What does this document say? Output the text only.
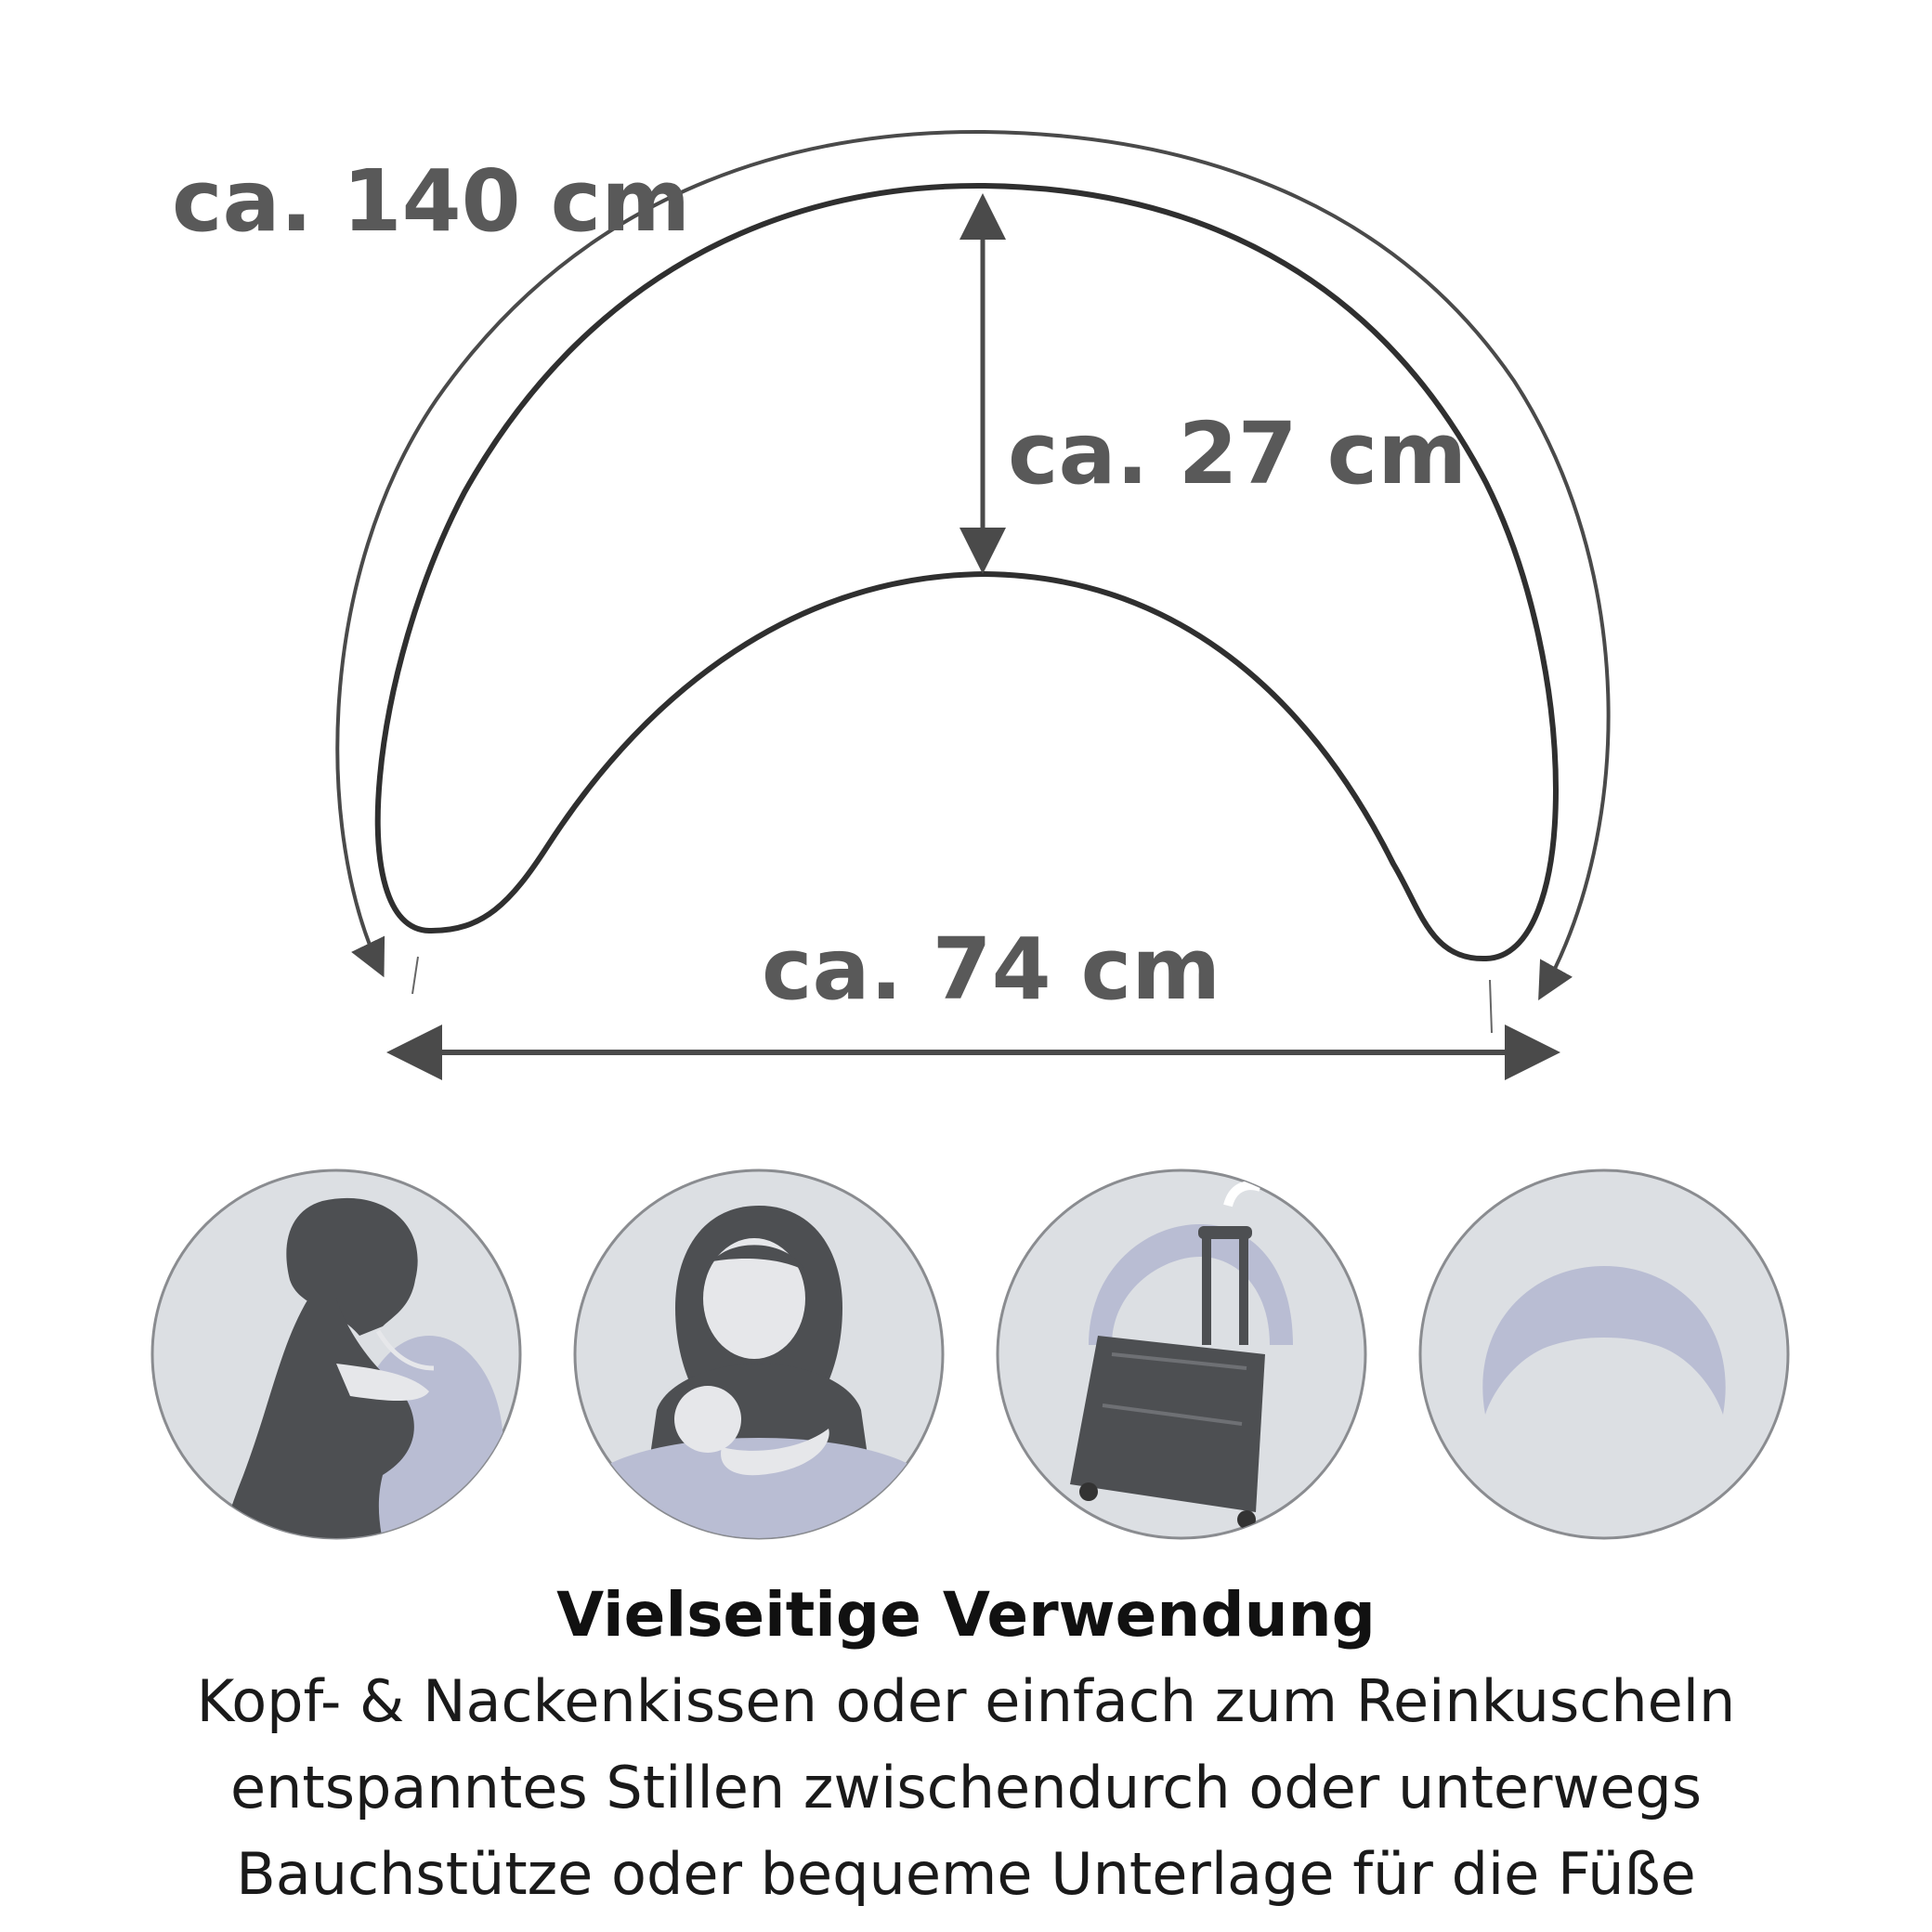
ca. 140 cm
ca. 27 cm
ca. 74 cm
Vielseitige Verwendung
Kopf- & Nackenkissen oder einfach zum Reinkuscheln
entspanntes Stillen zwischendurch oder unterwegs
Bauchstütze oder bequeme Unterlage für die Füße
